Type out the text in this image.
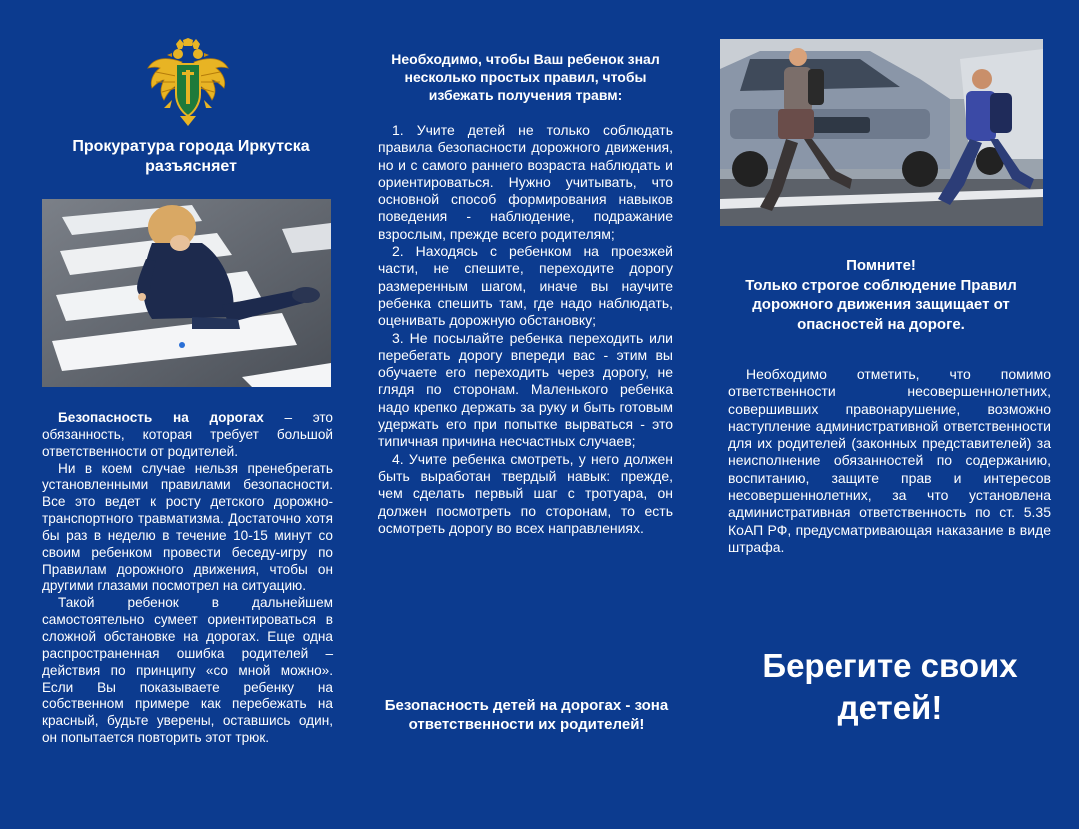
Прокуратура города Иркутска разъясняет

Безопасность на дорогах – это обязанность, которая требует большой ответственности от родителей.

Ни в коем случае нельзя пренебрегать установленными правилами безопасности. Все это ведет к росту детского дорожно-транспортного травматизма. Достаточно хотя бы раз в неделю в течение 10-15 минут со своим ребенком провести беседу-игру по Правилам дорожного движения, чтобы он другими глазами посмотрел на ситуацию.

Такой ребенок в дальнейшем самостоятельно сумеет ориентироваться в сложной обстановке на дорогах. Еще одна распространенная ошибка родителей – действия по принципу «со мной можно». Если Вы показываете ребенку на собственном примере как перебежать на красный, будьте уверены, оставшись один, он попытается повторить этот трюк.

Необходимо, чтобы Ваш ребенок знал несколько простых правил, чтобы избежать получения травм:

1. Учите детей не только соблюдать правила безопасности дорожного движения, но и с самого раннего возраста наблюдать и ориентироваться. Нужно учитывать, что основной способ формирования навыков поведения - наблюдение, подражание взрослым, прежде всего родителям;
2. Находясь с ребенком на проезжей части, не спешите, переходите дорогу размеренным шагом, иначе вы научите ребенка спешить там, где надо наблюдать, оценивать дорожную обстановку;
3. Не посылайте ребенка переходить или перебегать дорогу впереди вас - этим вы обучаете его переходить через дорогу, не глядя по сторонам. Маленького ребенка надо крепко держать за руку и быть готовым удержать его при попытке вырваться - это типичная причина несчастных случаев;
4. Учите ребенка смотреть, у него должен быть выработан твердый навык: прежде, чем сделать первый шаг с тротуара, он должен посмотреть по сторонам, то есть осмотреть дорогу во всех направлениях.
Безопасность детей на дорогах - зона ответственности их родителей!
Помните!
Только строгое соблюдение Правил дорожного движения защищает от опасностей на дороге.

Необходимо отметить, что помимо ответственности несовершеннолетних, совершивших правонарушение, возможно наступление административной ответственности для их родителей (законных представителей) за неисполнение обязанностей по содержанию, воспитанию, защите прав и интересов несовершеннолетних, за что установлена административная ответственность по ст. 5.35 КоАП РФ, предусматривающая наказание в виде штрафа.

Берегите своих детей!
